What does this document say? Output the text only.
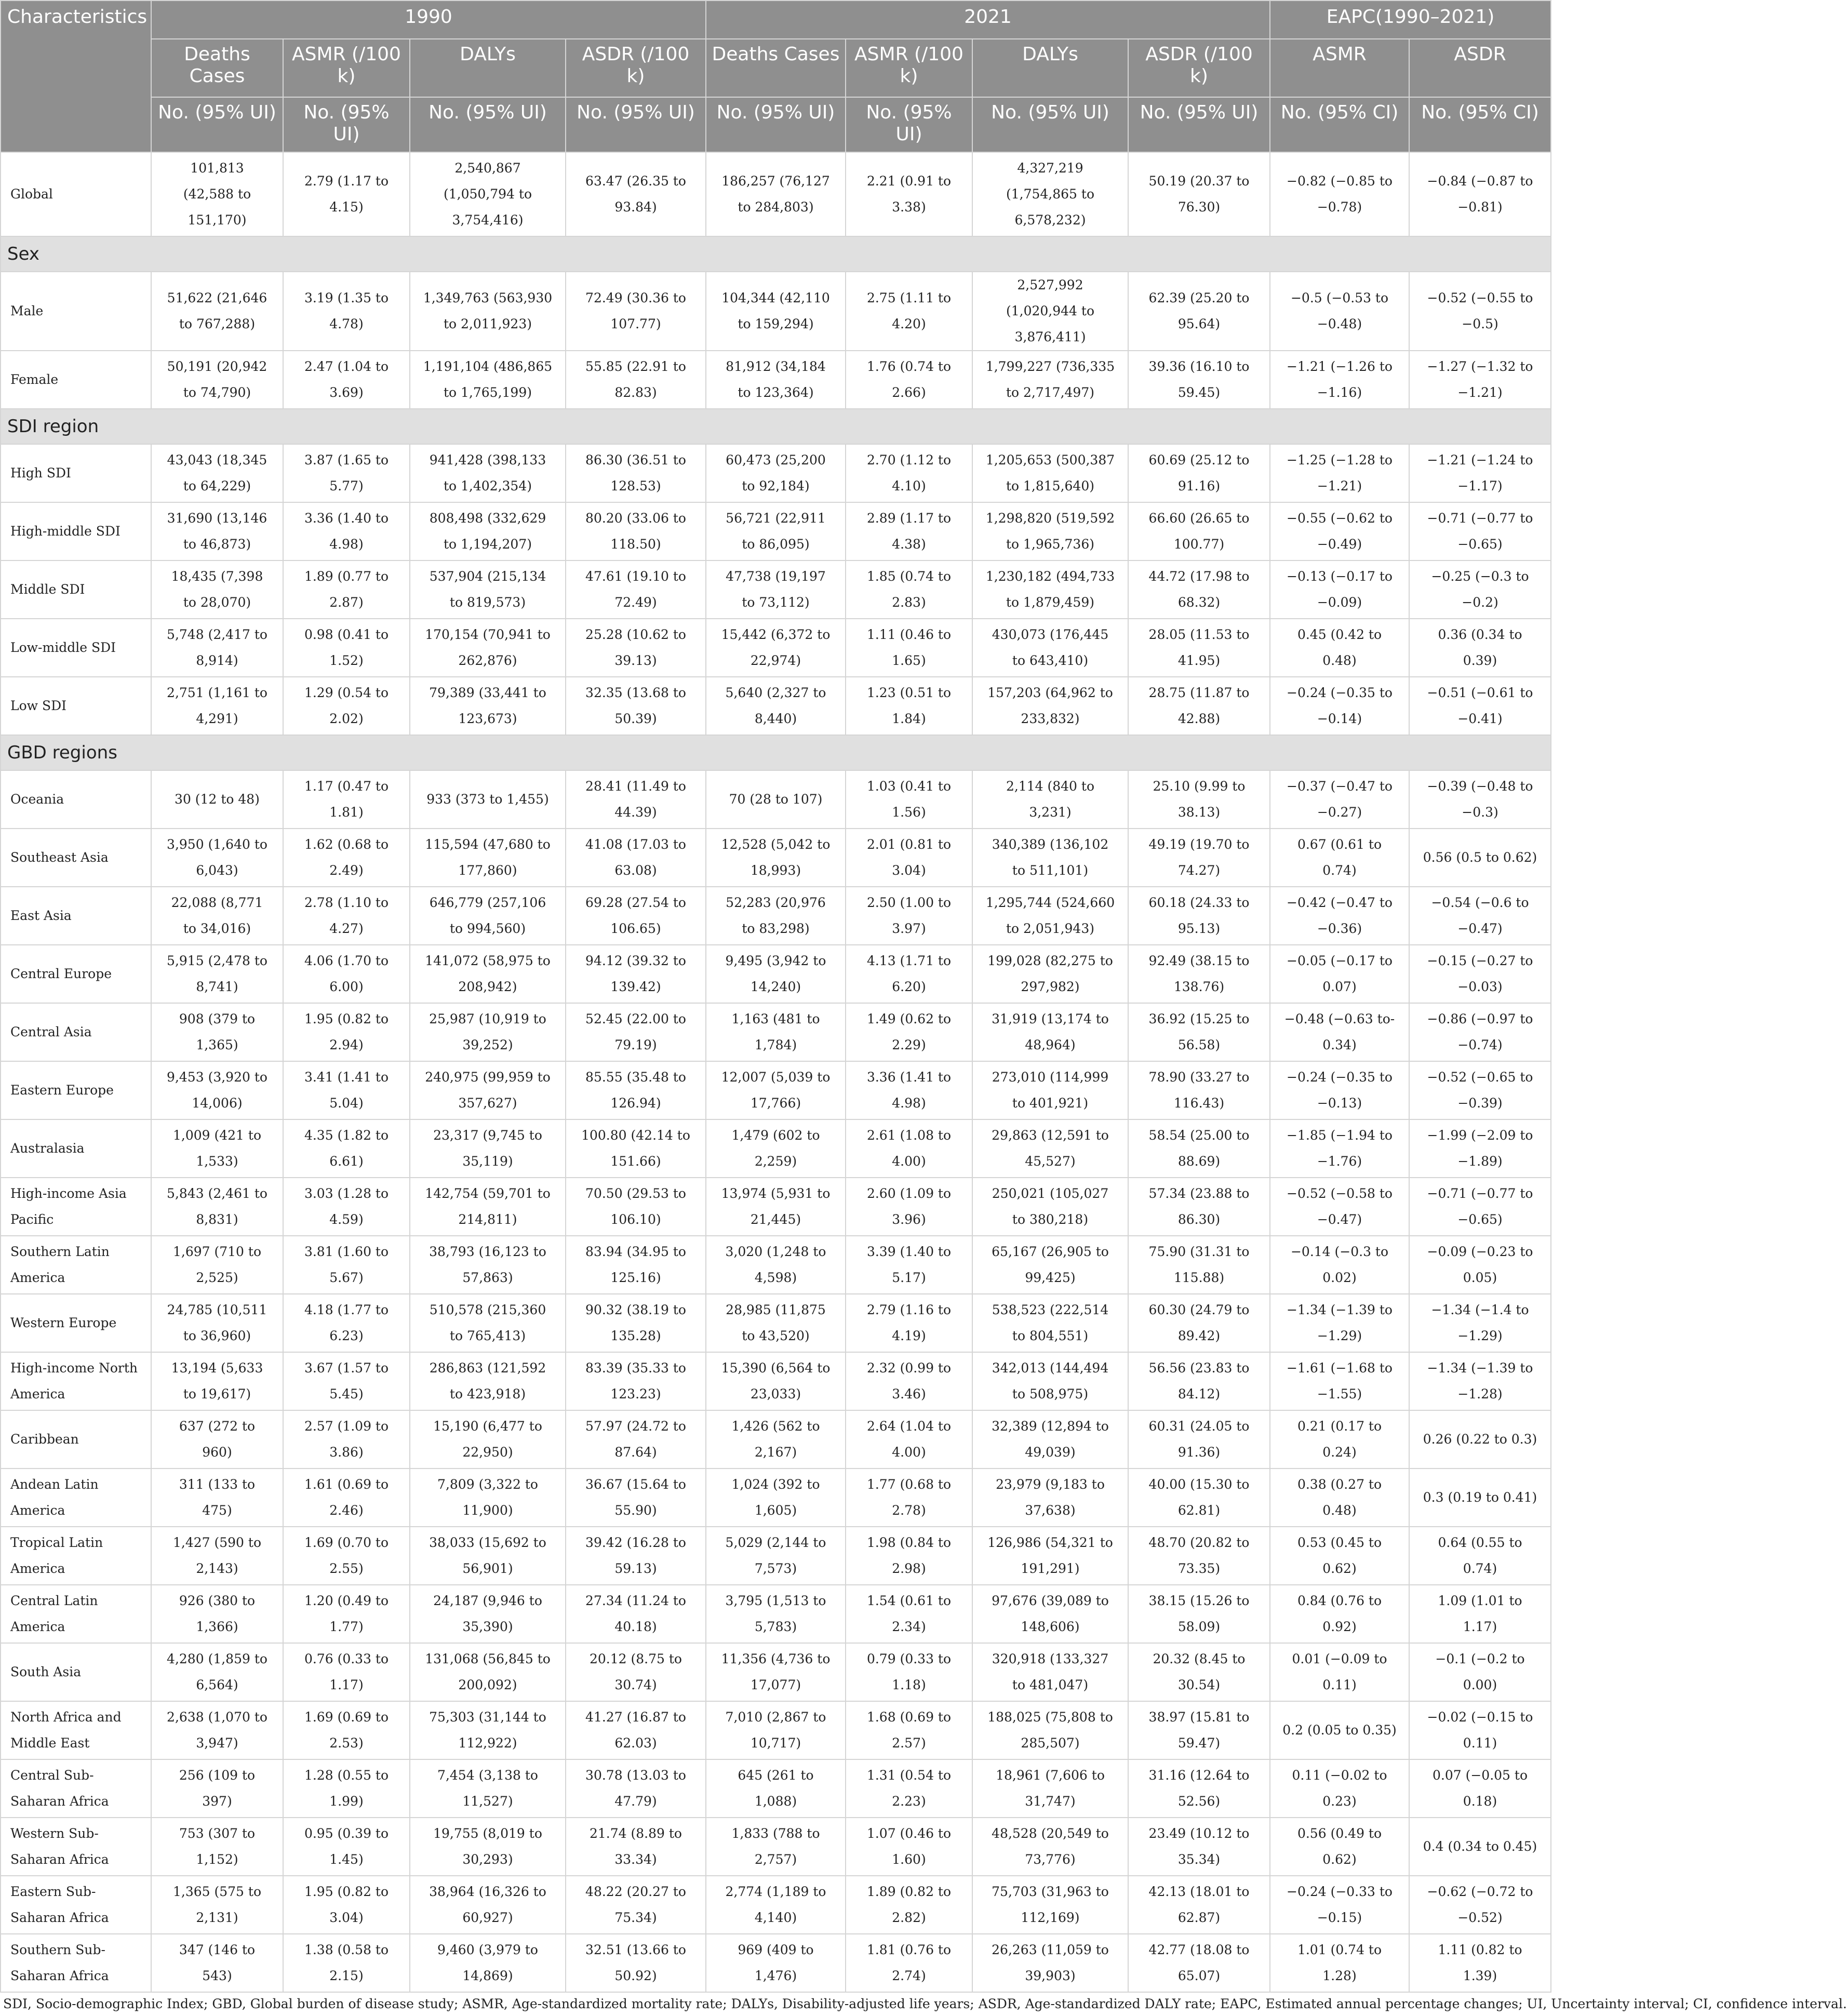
Characteristics	1990				2021				EAPC(1990–2021)	
	Deaths Cases	ASMR (/100 k)	DALYs	ASDR (/100 k)	Deaths Cases	ASMR (/100 k)	DALYs	ASDR (/100 k)	ASMR	ASDR
	No. (95% UI)	No. (95% UI)	No. (95% UI)	No. (95% UI)	No. (95% UI)	No. (95% UI)	No. (95% UI)	No. (95% UI)	No. (95% CI)	No. (95% CI)
Global	101,813 (42,588 to 151,170)	2.79 (1.17 to 4.15)	2,540,867 (1,050,794 to 3,754,416)	63.47 (26.35 to 93.84)	186,257 (76,127 to 284,803)	2.21 (0.91 to 3.38)	4,327,219 (1,754,865 to 6,578,232)	50.19 (20.37 to 76.30)	−0.82 (−0.85 to −0.78)	−0.84 (−0.87 to −0.81)
Sex										
Male	51,622 (21,646 to 767,288)	3.19 (1.35 to 4.78)	1,349,763 (563,930 to 2,011,923)	72.49 (30.36 to 107.77)	104,344 (42,110 to 159,294)	2.75 (1.11 to 4.20)	2,527,992 (1,020,944 to 3,876,411)	62.39 (25.20 to 95.64)	−0.5 (−0.53 to −0.48)	−0.52 (−0.55 to −0.5)
Female	50,191 (20,942 to 74,790)	2.47 (1.04 to 3.69)	1,191,104 (486,865 to 1,765,199)	55.85 (22.91 to 82.83)	81,912 (34,184 to 123,364)	1.76 (0.74 to 2.66)	1,799,227 (736,335 to 2,717,497)	39.36 (16.10 to 59.45)	−1.21 (−1.26 to −1.16)	−1.27 (−1.32 to −1.21)
SDI region										
High SDI	43,043 (18,345 to 64,229)	3.87 (1.65 to 5.77)	941,428 (398,133 to 1,402,354)	86.30 (36.51 to 128.53)	60,473 (25,200 to 92,184)	2.70 (1.12 to 4.10)	1,205,653 (500,387 to 1,815,640)	60.69 (25.12 to 91.16)	−1.25 (−1.28 to −1.21)	−1.21 (−1.24 to −1.17)
High-middle SDI	31,690 (13,146 to 46,873)	3.36 (1.40 to 4.98)	808,498 (332,629 to 1,194,207)	80.20 (33.06 to 118.50)	56,721 (22,911 to 86,095)	2.89 (1.17 to 4.38)	1,298,820 (519,592 to 1,965,736)	66.60 (26.65 to 100.77)	−0.55 (−0.62 to −0.49)	−0.71 (−0.77 to −0.65)
Middle SDI	18,435 (7,398 to 28,070)	1.89 (0.77 to 2.87)	537,904 (215,134 to 819,573)	47.61 (19.10 to 72.49)	47,738 (19,197 to 73,112)	1.85 (0.74 to 2.83)	1,230,182 (494,733 to 1,879,459)	44.72 (17.98 to 68.32)	−0.13 (−0.17 to −0.09)	−0.25 (−0.3 to −0.2)
Low-middle SDI	5,748 (2,417 to 8,914)	0.98 (0.41 to 1.52)	170,154 (70,941 to 262,876)	25.28 (10.62 to 39.13)	15,442 (6,372 to 22,974)	1.11 (0.46 to 1.65)	430,073 (176,445 to 643,410)	28.05 (11.53 to 41.95)	0.45 (0.42 to 0.48)	0.36 (0.34 to 0.39)
Low SDI	2,751 (1,161 to 4,291)	1.29 (0.54 to 2.02)	79,389 (33,441 to 123,673)	32.35 (13.68 to 50.39)	5,640 (2,327 to 8,440)	1.23 (0.51 to 1.84)	157,203 (64,962 to 233,832)	28.75 (11.87 to 42.88)	−0.24 (−0.35 to −0.14)	−0.51 (−0.61 to −0.41)
GBD regions										
Oceania	30 (12 to 48)	1.17 (0.47 to 1.81)	933 (373 to 1,455)	28.41 (11.49 to 44.39)	70 (28 to 107)	1.03 (0.41 to 1.56)	2,114 (840 to 3,231)	25.10 (9.99 to 38.13)	−0.37 (−0.47 to −0.27)	−0.39 (−0.48 to −0.3)
Southeast Asia	3,950 (1,640 to 6,043)	1.62 (0.68 to 2.49)	115,594 (47,680 to 177,860)	41.08 (17.03 to 63.08)	12,528 (5,042 to 18,993)	2.01 (0.81 to 3.04)	340,389 (136,102 to 511,101)	49.19 (19.70 to 74.27)	0.67 (0.61 to 0.74)	0.56 (0.5 to 0.62)
East Asia	22,088 (8,771 to 34,016)	2.78 (1.10 to 4.27)	646,779 (257,106 to 994,560)	69.28 (27.54 to 106.65)	52,283 (20,976 to 83,298)	2.50 (1.00 to 3.97)	1,295,744 (524,660 to 2,051,943)	60.18 (24.33 to 95.13)	−0.42 (−0.47 to −0.36)	−0.54 (−0.6 to −0.47)
Central Europe	5,915 (2,478 to 8,741)	4.06 (1.70 to 6.00)	141,072 (58,975 to 208,942)	94.12 (39.32 to 139.42)	9,495 (3,942 to 14,240)	4.13 (1.71 to 6.20)	199,028 (82,275 to 297,982)	92.49 (38.15 to 138.76)	−0.05 (−0.17 to 0.07)	−0.15 (−0.27 to −0.03)
Central Asia	908 (379 to 1,365)	1.95 (0.82 to 2.94)	25,987 (10,919 to 39,252)	52.45 (22.00 to 79.19)	1,163 (481 to 1,784)	1.49 (0.62 to 2.29)	31,919 (13,174 to 48,964)	36.92 (15.25 to 56.58)	−0.48 (−0.63 to- 0.34)	−0.86 (−0.97 to −0.74)
Eastern Europe	9,453 (3,920 to 14,006)	3.41 (1.41 to 5.04)	240,975 (99,959 to 357,627)	85.55 (35.48 to 126.94)	12,007 (5,039 to 17,766)	3.36 (1.41 to 4.98)	273,010 (114,999 to 401,921)	78.90 (33.27 to 116.43)	−0.24 (−0.35 to −0.13)	−0.52 (−0.65 to −0.39)
Australasia	1,009 (421 to 1,533)	4.35 (1.82 to 6.61)	23,317 (9,745 to 35,119)	100.80 (42.14 to 151.66)	1,479 (602 to 2,259)	2.61 (1.08 to 4.00)	29,863 (12,591 to 45,527)	58.54 (25.00 to 88.69)	−1.85 (−1.94 to −1.76)	−1.99 (−2.09 to −1.89)
High-income Asia Pacific	5,843 (2,461 to 8,831)	3.03 (1.28 to 4.59)	142,754 (59,701 to 214,811)	70.50 (29.53 to 106.10)	13,974 (5,931 to 21,445)	2.60 (1.09 to 3.96)	250,021 (105,027 to 380,218)	57.34 (23.88 to 86.30)	−0.52 (−0.58 to −0.47)	−0.71 (−0.77 to −0.65)
Southern Latin America	1,697 (710 to 2,525)	3.81 (1.60 to 5.67)	38,793 (16,123 to 57,863)	83.94 (34.95 to 125.16)	3,020 (1,248 to 4,598)	3.39 (1.40 to 5.17)	65,167 (26,905 to 99,425)	75.90 (31.31 to 115.88)	−0.14 (−0.3 to 0.02)	−0.09 (−0.23 to 0.05)
Western Europe	24,785 (10,511 to 36,960)	4.18 (1.77 to 6.23)	510,578 (215,360 to 765,413)	90.32 (38.19 to 135.28)	28,985 (11,875 to 43,520)	2.79 (1.16 to 4.19)	538,523 (222,514 to 804,551)	60.30 (24.79 to 89.42)	−1.34 (−1.39 to −1.29)	−1.34 (−1.4 to −1.29)
High-income North America	13,194 (5,633 to 19,617)	3.67 (1.57 to 5.45)	286,863 (121,592 to 423,918)	83.39 (35.33 to 123.23)	15,390 (6,564 to 23,033)	2.32 (0.99 to 3.46)	342,013 (144,494 to 508,975)	56.56 (23.83 to 84.12)	−1.61 (−1.68 to −1.55)	−1.34 (−1.39 to −1.28)
Caribbean	637 (272 to 960)	2.57 (1.09 to 3.86)	15,190 (6,477 to 22,950)	57.97 (24.72 to 87.64)	1,426 (562 to 2,167)	2.64 (1.04 to 4.00)	32,389 (12,894 to 49,039)	60.31 (24.05 to 91.36)	0.21 (0.17 to 0.24)	0.26 (0.22 to 0.3)
Andean Latin America	311 (133 to 475)	1.61 (0.69 to 2.46)	7,809 (3,322 to 11,900)	36.67 (15.64 to 55.90)	1,024 (392 to 1,605)	1.77 (0.68 to 2.78)	23,979 (9,183 to 37,638)	40.00 (15.30 to 62.81)	0.38 (0.27 to 0.48)	0.3 (0.19 to 0.41)
Tropical Latin America	1,427 (590 to 2,143)	1.69 (0.70 to 2.55)	38,033 (15,692 to 56,901)	39.42 (16.28 to 59.13)	5,029 (2,144 to 7,573)	1.98 (0.84 to 2.98)	126,986 (54,321 to 191,291)	48.70 (20.82 to 73.35)	0.53 (0.45 to 0.62)	0.64 (0.55 to 0.74)
Central Latin America	926 (380 to 1,366)	1.20 (0.49 to 1.77)	24,187 (9,946 to 35,390)	27.34 (11.24 to 40.18)	3,795 (1,513 to 5,783)	1.54 (0.61 to 2.34)	97,676 (39,089 to 148,606)	38.15 (15.26 to 58.09)	0.84 (0.76 to 0.92)	1.09 (1.01 to 1.17)
South Asia	4,280 (1,859 to 6,564)	0.76 (0.33 to 1.17)	131,068 (56,845 to 200,092)	20.12 (8.75 to 30.74)	11,356 (4,736 to 17,077)	0.79 (0.33 to 1.18)	320,918 (133,327 to 481,047)	20.32 (8.45 to 30.54)	0.01 (−0.09 to 0.11)	−0.1 (−0.2 to 0.00)
North Africa and Middle East	2,638 (1,070 to 3,947)	1.69 (0.69 to 2.53)	75,303 (31,144 to 112,922)	41.27 (16.87 to 62.03)	7,010 (2,867 to 10,717)	1.68 (0.69 to 2.57)	188,025 (75,808 to 285,507)	38.97 (15.81 to 59.47)	0.2 (0.05 to 0.35)	−0.02 (−0.15 to 0.11)
Central Sub-Saharan Africa	256 (109 to 397)	1.28 (0.55 to 1.99)	7,454 (3,138 to 11,527)	30.78 (13.03 to 47.79)	645 (261 to 1,088)	1.31 (0.54 to 2.23)	18,961 (7,606 to 31,747)	31.16 (12.64 to 52.56)	0.11 (−0.02 to 0.23)	0.07 (−0.05 to 0.18)
Western Sub-Saharan Africa	753 (307 to 1,152)	0.95 (0.39 to 1.45)	19,755 (8,019 to 30,293)	21.74 (8.89 to 33.34)	1,833 (788 to 2,757)	1.07 (0.46 to 1.60)	48,528 (20,549 to 73,776)	23.49 (10.12 to 35.34)	0.56 (0.49 to 0.62)	0.4 (0.34 to 0.45)
Eastern Sub-Saharan Africa	1,365 (575 to 2,131)	1.95 (0.82 to 3.04)	38,964 (16,326 to 60,927)	48.22 (20.27 to 75.34)	2,774 (1,189 to 4,140)	1.89 (0.82 to 2.82)	75,703 (31,963 to 112,169)	42.13 (18.01 to 62.87)	−0.24 (−0.33 to −0.15)	−0.62 (−0.72 to −0.52)
Southern Sub-Saharan Africa	347 (146 to 543)	1.38 (0.58 to 2.15)	9,460 (3,979 to 14,869)	32.51 (13.66 to 50.92)	969 (409 to 1,476)	1.81 (0.76 to 2.74)	26,263 (11,059 to 39,903)	42.77 (18.08 to 65.07)	1.01 (0.74 to 1.28)	1.11 (0.82 to 1.39)
SDI, Socio-demographic Index; GBD, Global burden of disease study; ASMR, Age-standardized mortality rate; DALYs, Disability-adjusted life years; ASDR, Age-standardized DALY rate; EAPC, Estimated annual percentage changes; UI, Uncertainty interval; CI, confidence interval.
